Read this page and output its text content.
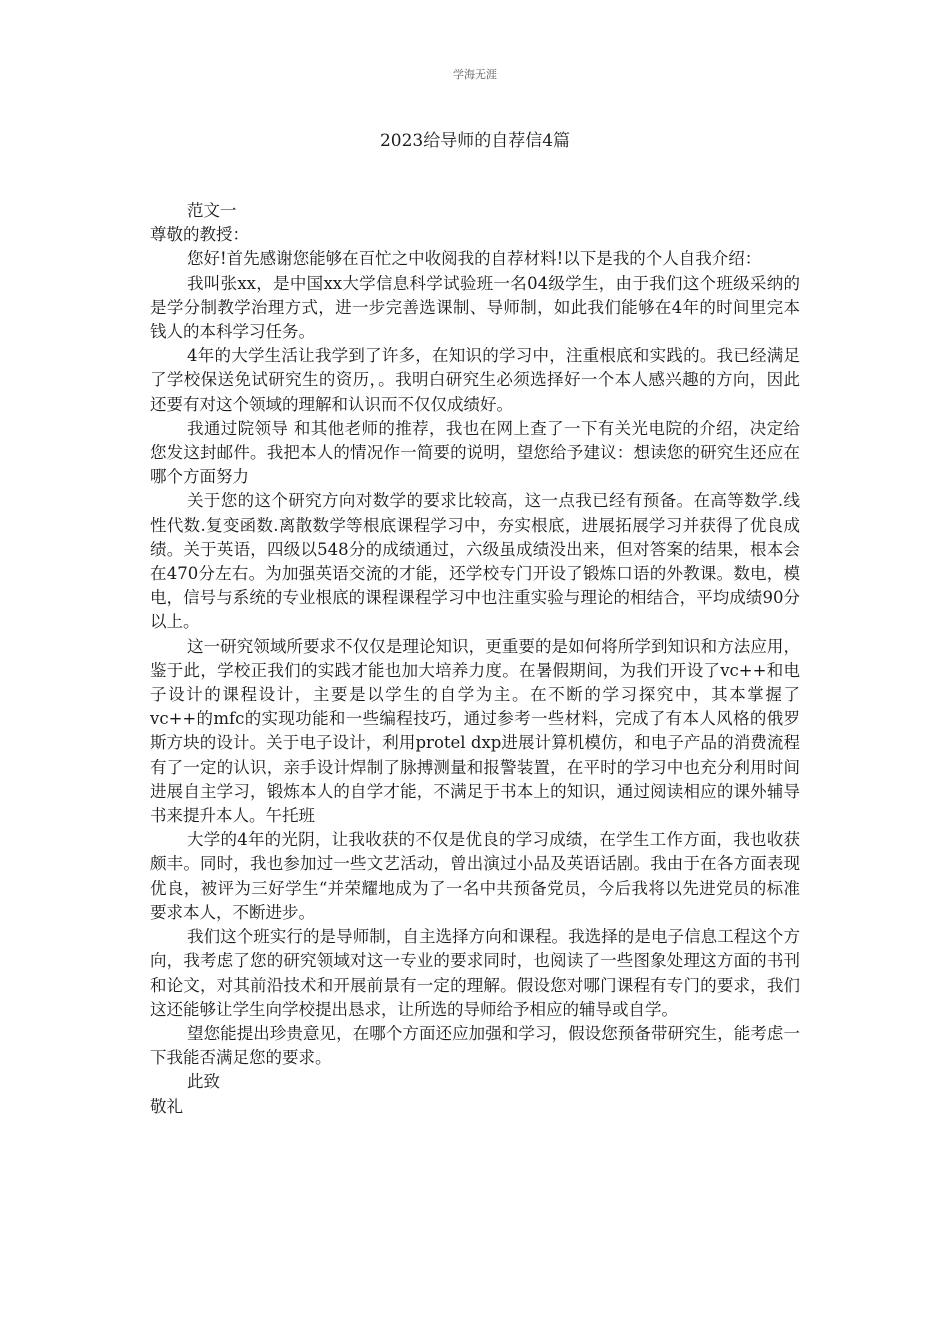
学海无涯
2023给导师的自荐信4篇

范文一

尊敬的教授：

您好!首先感谢您能够在百忙之中收阅我的自荐材料!以下是我的个人自我介绍：

我叫张xx，是中国xx大学信息科学试验班一名04级学生，由于我们这个班级采纳的是学分制教学治理方式，进一步完善选课制、导师制，如此我们能够在4年的时间里完本钱人的本科学习任务。

4年的大学生活让我学到了许多，在知识的学习中，注重根底和实践的。我已经满足了学校保送免试研究生的资历，。我明白研究生必须选择好一个本人感兴趣的方向，因此还要有对这个领域的理解和认识而不仅仅成绩好。

我通过院领导 和其他老师的推荐，我也在网上查了一下有关光电院的介绍，决定给您发这封邮件。我把本人的情况作一简要的说明，望您给予建议：想读您的研究生还应在哪个方面努力

关于您的这个研究方向对数学的要求比较高，这一点我已经有预备。在高等数学.线性代数.复变函数.离散数学等根底课程学习中，夯实根底，进展拓展学习并获得了优良成绩。关于英语，四级以548分的成绩通过，六级虽成绩没出来，但对答案的结果，根本会在470分左右。为加强英语交流的才能，还学校专门开设了锻炼口语的外教课。数电，模电，信号与系统的专业根底的课程课程学习中也注重实验与理论的相结合，平均成绩90分以上。

这一研究领域所要求不仅仅是理论知识，更重要的是如何将所学到知识和方法应用，鉴于此，学校正我们的实践才能也加大培养力度。在暑假期间，为我们开设了vc++和电子设计的课程设计，主要是以学生的自学为主。在不断的学习探究中，其本掌握了vc++的mfc的实现功能和一些编程技巧，通过参考一些材料，完成了有本人风格的俄罗斯方块的设计。关于电子设计，利用protel dxp进展计算机模仿，和电子产品的消费流程有了一定的认识，亲手设计焊制了脉搏测量和报警装置，在平时的学习中也充分利用时间进展自主学习，锻炼本人的自学才能，不满足于书本上的知识，通过阅读相应的课外辅导书来提升本人。午托班

大学的4年的光阴，让我收获的不仅是优良的学习成绩，在学生工作方面，我也收获颇丰。同时，我也参加过一些文艺活动，曾出演过小品及英语话剧。我由于在各方面表现优良，被评为三好学生“并荣耀地成为了一名中共预备党员，今后我将以先进党员的标准要求本人，不断进步。

我们这个班实行的是导师制，自主选择方向和课程。我选择的是电子信息工程这个方向，我考虑了您的研究领域对这一专业的要求同时，也阅读了一些图象处理这方面的书刊和论文，对其前沿技术和开展前景有一定的理解。假设您对哪门课程有专门的要求，我们这还能够让学生向学校提出恳求，让所选的导师给予相应的辅导或自学。

望您能提出珍贵意见，在哪个方面还应加强和学习，假设您预备带研究生，能考虑一下我能否满足您的要求。

此致

敬礼
